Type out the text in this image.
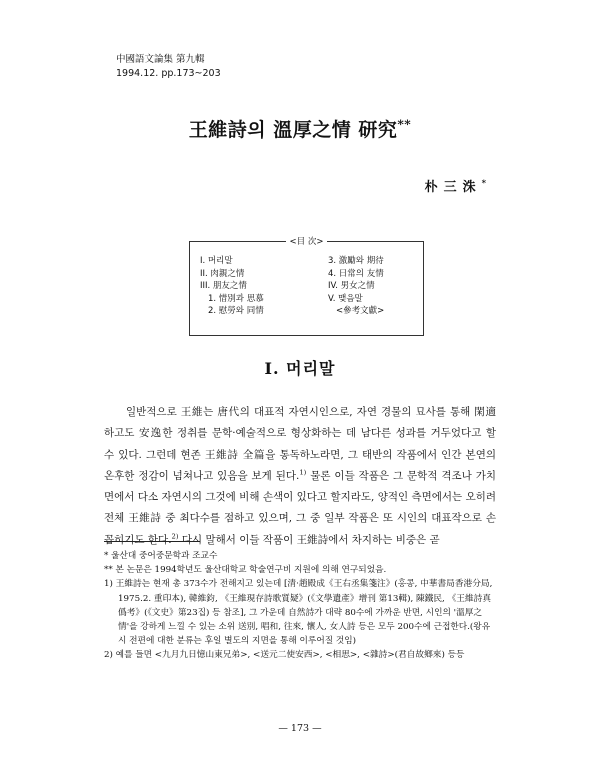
中國語文論集 第九輯
1994.12. pp.173~203
王維詩의 溫厚之情 研究**
朴三洙*
<目 次>
I. 머리말
II. 肉親之情
III. 朋友之情
1. 惜別과 思慕
2. 慰勞와 同情
3. 激勵와 期待
4. 日常의 友情
IV. 男女之情
V. 맺음말
<參考文獻>
I. 머리말

일반적으로 王維는 唐代의 대표적 자연시인으로, 자연 경물의 묘사를 통해 閑適하고도 安逸한 정취를 문학·예술적으로 형상화하는 데 남다른 성과를 거두었다고 할 수 있다. 그런데 현존 王維詩 全篇을 통독하노라면, 그 태반의 작품에서 인간 본연의 온후한 정감이 넘쳐나고 있음을 보게 된다.$^{1)}$ 물론 이들 작품은 그 문학적 격조나 가치면에서 다소 자연시의 그것에 비해 손색이 있다고 할지라도, 양적인 측면에서는 오히려 전체 王維詩 중 최다수를 점하고 있으며, 그 중 일부 작품은 또 시인의 대표작으로 손꼽히기도 한다.$^{2)}$ 다시 말해서 이들 작품이 王維詩에서 차지하는 비중은 곧

* 울산대 중어중문학과 조교수
** 본 논문은 1994학년도 울산대학교 학술연구비 지원에 의해 연구되었음.
1) 王維詩는 현재 총 373수가 전해지고 있는데 [清·趙殿成《王右丞集箋注》(홍콩, 中華書局香港分局, 1975.2. 重印本), 韓維鈞, 《王維現存詩歌質疑》(《文學遺產》增刊 第13輯), 陳鐵民, 《王維詩真僞考》(《文史》第23집) 등 참조], 그 가운데 自然詩가 대략 80수에 가까운 반면, 시인의 '溫厚之情'을 강하게 느낄 수 있는 소위 送別, 唱和, 往來, 懷人, 女人詩 등은 모두 200수에 근접한다.(왕유시 전편에 대한 분류는 후일 별도의 지면을 통해 이루어질 것임)
2) 예를 들면 <九月九日憶山東兄弟>, <送元二使安西>, <相思>, <雜詩>(君自故鄉來) 등등
— 173 —
